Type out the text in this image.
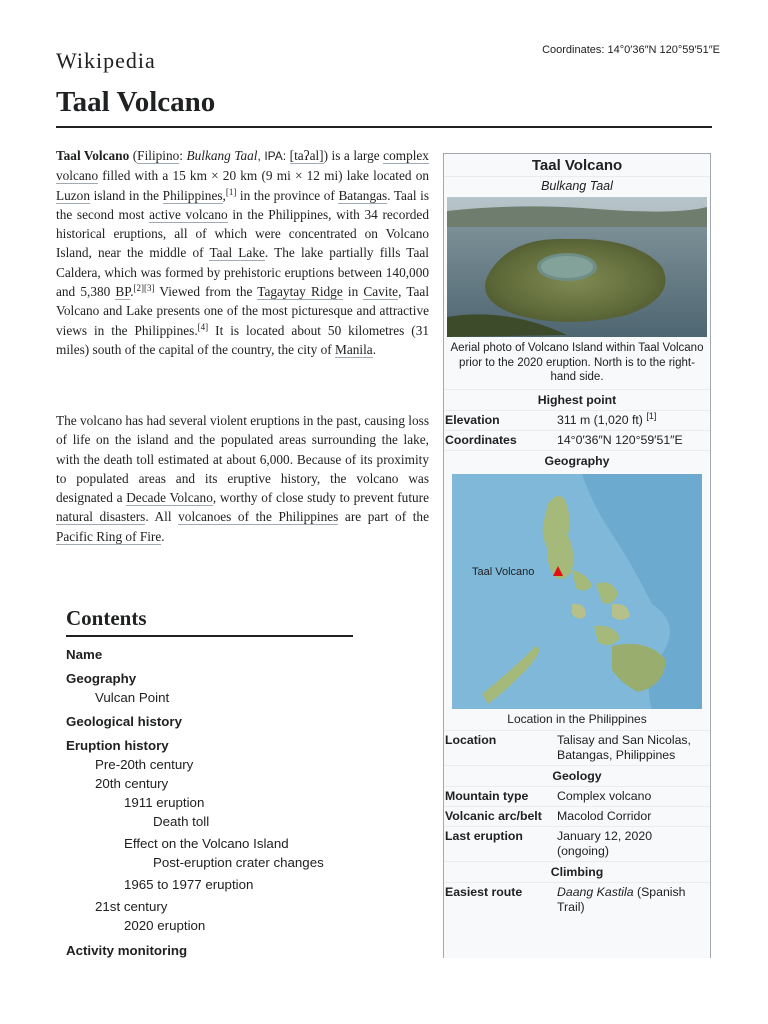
Wikipedia	Coordinates: 14°0′36″N 120°59′51″E
Taal Volcano

Taal Volcano (Filipino: Bulkang Taal, IPA: [taʔal]) is a large complex volcano filled with a 15 km × 20 km (9 mi × 12 mi) lake located on Luzon island in the Philippines,[1] in the province of Batangas. Taal is the second most active volcano in the Philippines, with 34 recorded historical eruptions, all of which were concentrated on Volcano Island, near the middle of Taal Lake. The lake partially fills Taal Caldera, which was formed by prehistoric eruptions between 140,000 and 5,380 BP.[2][3] Viewed from the Tagaytay Ridge in Cavite, Taal Volcano and Lake presents one of the most picturesque and attractive views in the Philippines.[4] It is located about 50 kilometres (31 miles) south of the capital of the country, the city of Manila.

The volcano has had several violent eruptions in the past, causing loss of life on the island and the populated areas surrounding the lake, with the death toll estimated at about 6,000. Because of its proximity to populated areas and its eruptive history, the volcano was designated a Decade Volcano, worthy of close study to prevent future natural disasters. All volcanoes of the Philippines are part of the Pacific Ring of Fire.

Contents
Name
Geography
Vulcan Point
Geological history
Eruption history
Pre-20th century
20th century
1911 eruption
Death toll
Effect on the Volcano Island
Post-eruption crater changes
1965 to 1977 eruption
21st century
2020 eruption
Activity monitoring
Taal Volcano
Bulkang Taal
Aerial photo of Volcano Island within Taal Volcano prior to the 2020 eruption. North is to the right-hand side.
Highest point
Elevation	311 m (1,020 ft) [1]
Coordinates	14°0′36″N 120°59′51″E
Geography
Taal Volcano
Location in the Philippines
Location	Talisay and San Nicolas, Batangas, Philippines
Geology
Mountain type	Complex volcano
Volcanic arc/belt	Macolod Corridor
Last eruption	January 12, 2020 (ongoing)
Climbing
Easiest route	Daang Kastila (Spanish Trail)
